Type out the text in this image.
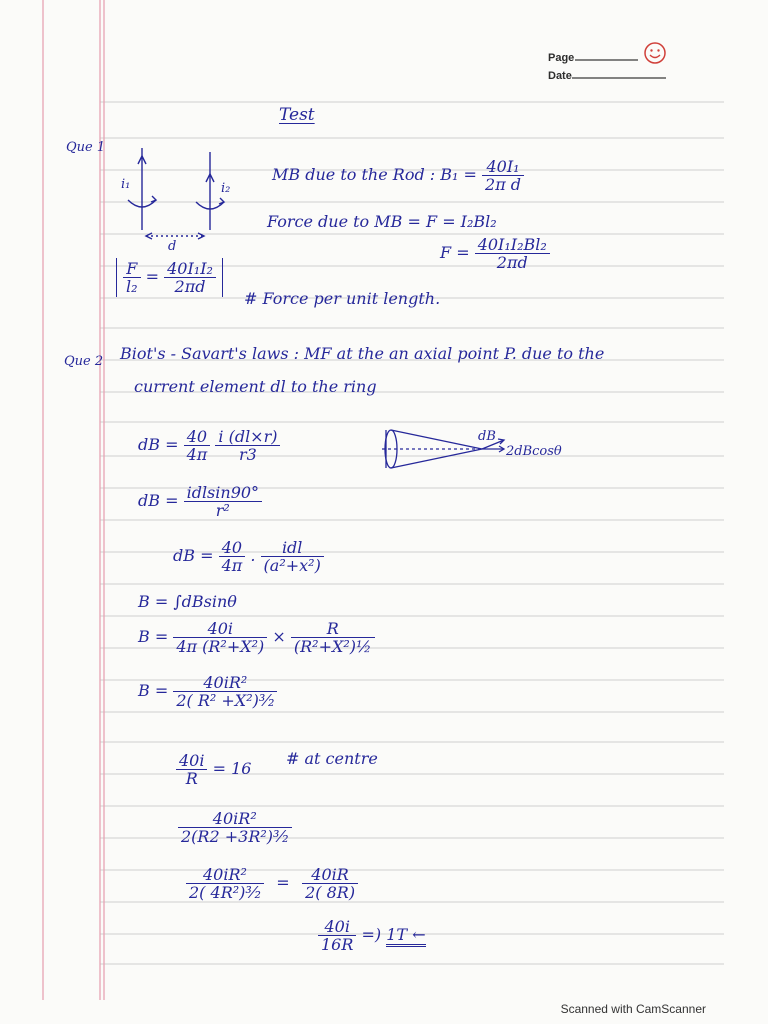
Page
Date
Test
Que 1
i₁	i₂
d
MB due to the Rod : $B_1 = \frac{\text{40I₁}}{\text{2π d}}$
Force due to MB = F = I₂Bl₂
$F = \frac{\text{40I₁I₂Bl₂}}{2\pi d}$
$\frac{F}{\text{l₂}} = \frac{\text{40I₁I₂}}{2\pi d}$
# Force per unit length.
Que 2 Biot's - Savart's laws : MF at the an axial point P. due to the
current element dl to the ring
dB = $\frac{40}{4\pi}$
$\frac{i (dl\times r)}{r3}$	dB
2dBcosθ
dB = $\frac{\text{idlsin90°}}{\text{r²}}$
dB = $\frac{40}{4\pi}$ . $\frac{\text{idl}}{\text{(a²+x²)}}$
B = ∫dBsinθ
$B = \frac{40i}{\text{4π (R²+X²)}} \times \frac{R}{\text{(R²+X²)½}}$
$B = \frac{\text{40iR²}}{\text{2( R² +X²)³⁄₂}}$
$\frac{40i}{R} = 16$
# at centre
$\frac{\text{40iR²}}{\text{2(R2 +3R²)³⁄₂}}$
$\frac{\text{40iR²}}{\text{2( 4R²)³⁄₂}} = \frac{40iR}{2( 8R)}$
$\frac{40i}{16R}$ =) 1T ←
Scanned with CamScanner
